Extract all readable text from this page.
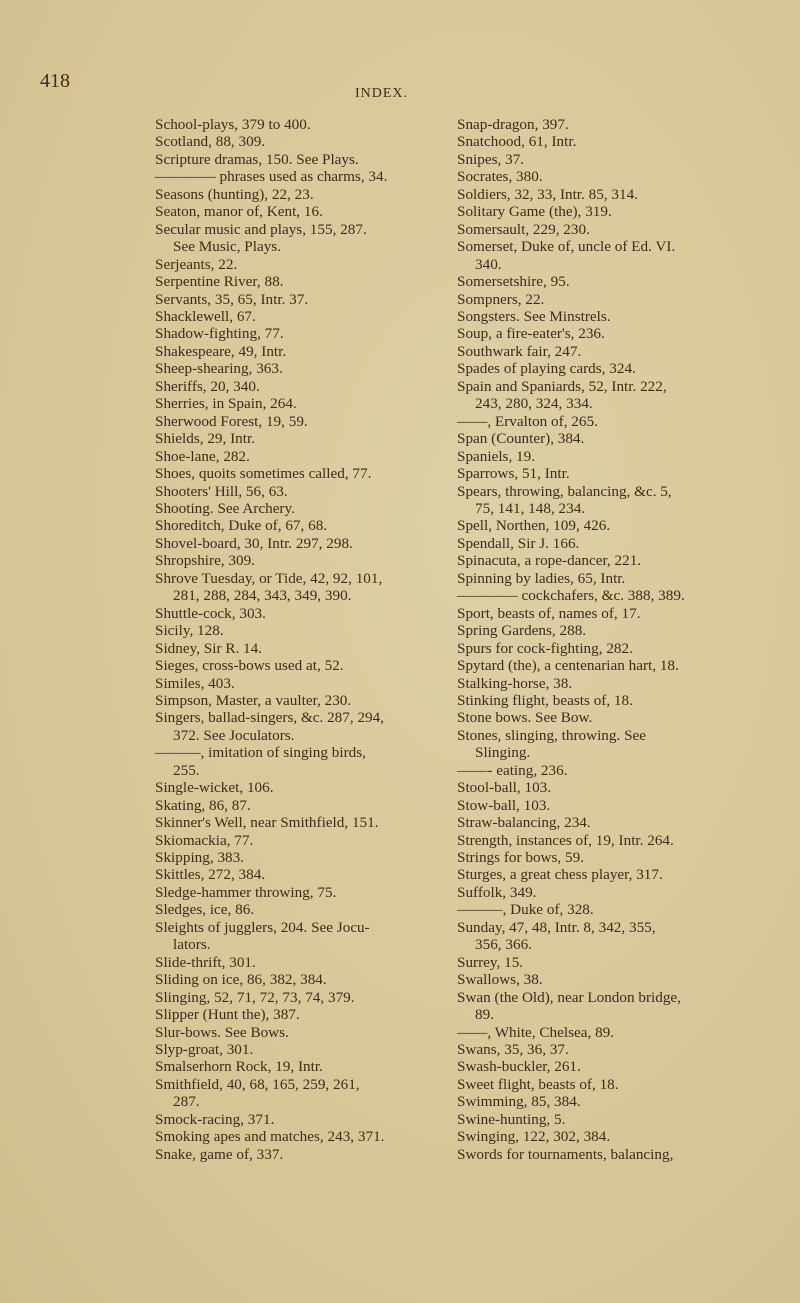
418
INDEX.
School-plays, 379 to 400.
Scotland, 88, 309.
Scripture dramas, 150. See Plays.
———— phrases used as charms, 34.
Seasons (hunting), 22, 23.
Seaton, manor of, Kent, 16.
Secular music and plays, 155, 287.
See Music, Plays.
Serjeants, 22.
Serpentine River, 88.
Servants, 35, 65, Intr. 37.
Shacklewell, 67.
Shadow-fighting, 77.
Shakespeare, 49, Intr.
Sheep-shearing, 363.
Sheriffs, 20, 340.
Sherries, in Spain, 264.
Sherwood Forest, 19, 59.
Shields, 29, Intr.
Shoe-lane, 282.
Shoes, quoits sometimes called, 77.
Shooters' Hill, 56, 63.
Shooting. See Archery.
Shoreditch, Duke of, 67, 68.
Shovel-board, 30, Intr. 297, 298.
Shropshire, 309.
Shrove Tuesday, or Tide, 42, 92, 101,
281, 288, 284, 343, 349, 390.
Shuttle-cock, 303.
Sicily, 128.
Sidney, Sir R. 14.
Sieges, cross-bows used at, 52.
Similes, 403.
Simpson, Master, a vaulter, 230.
Singers, ballad-singers, &c. 287, 294,
372. See Joculators.
———, imitation of singing birds,
255.
Single-wicket, 106.
Skating, 86, 87.
Skinner's Well, near Smithfield, 151.
Skiomackia, 77.
Skipping, 383.
Skittles, 272, 384.
Sledge-hammer throwing, 75.
Sledges, ice, 86.
Sleights of jugglers, 204. See Jocu-
lators.
Slide-thrift, 301.
Sliding on ice, 86, 382, 384.
Slinging, 52, 71, 72, 73, 74, 379.
Slipper (Hunt the), 387.
Slur-bows. See Bows.
Slyp-groat, 301.
Smalserhorn Rock, 19, Intr.
Smithfield, 40, 68, 165, 259, 261,
287.
Smock-racing, 371.
Smoking apes and matches, 243, 371.
Snake, game of, 337.
Snap-dragon, 397.
Snatchood, 61, Intr.
Snipes, 37.
Socrates, 380.
Soldiers, 32, 33, Intr. 85, 314.
Solitary Game (the), 319.
Somersault, 229, 230.
Somerset, Duke of, uncle of Ed. VI.
340.
Somersetshire, 95.
Sompners, 22.
Songsters. See Minstrels.
Soup, a fire-eater's, 236.
Southwark fair, 247.
Spades of playing cards, 324.
Spain and Spaniards, 52, Intr. 222,
243, 280, 324, 334.
——, Ervalton of, 265.
Span (Counter), 384.
Spaniels, 19.
Sparrows, 51, Intr.
Spears, throwing, balancing, &c. 5,
75, 141, 148, 234.
Spell, Northen, 109, 426.
Spendall, Sir J. 166.
Spinacuta, a rope-dancer, 221.
Spinning by ladies, 65, Intr.
———— cockchafers, &c. 388, 389.
Sport, beasts of, names of, 17.
Spring Gardens, 288.
Spurs for cock-fighting, 282.
Spytard (the), a centenarian hart, 18.
Stalking-horse, 38.
Stinking flight, beasts of, 18.
Stone bows. See Bow.
Stones, slinging, throwing. See
Slinging.
——- eating, 236.
Stool-ball, 103.
Stow-ball, 103.
Straw-balancing, 234.
Strength, instances of, 19, Intr. 264.
Strings for bows, 59.
Sturges, a great chess player, 317.
Suffolk, 349.
———, Duke of, 328.
Sunday, 47, 48, Intr. 8, 342, 355,
356, 366.
Surrey, 15.
Swallows, 38.
Swan (the Old), near London bridge,
89.
——, White, Chelsea, 89.
Swans, 35, 36, 37.
Swash-buckler, 261.
Sweet flight, beasts of, 18.
Swimming, 85, 384.
Swine-hunting, 5.
Swinging, 122, 302, 384.
Swords for tournaments, balancing,
